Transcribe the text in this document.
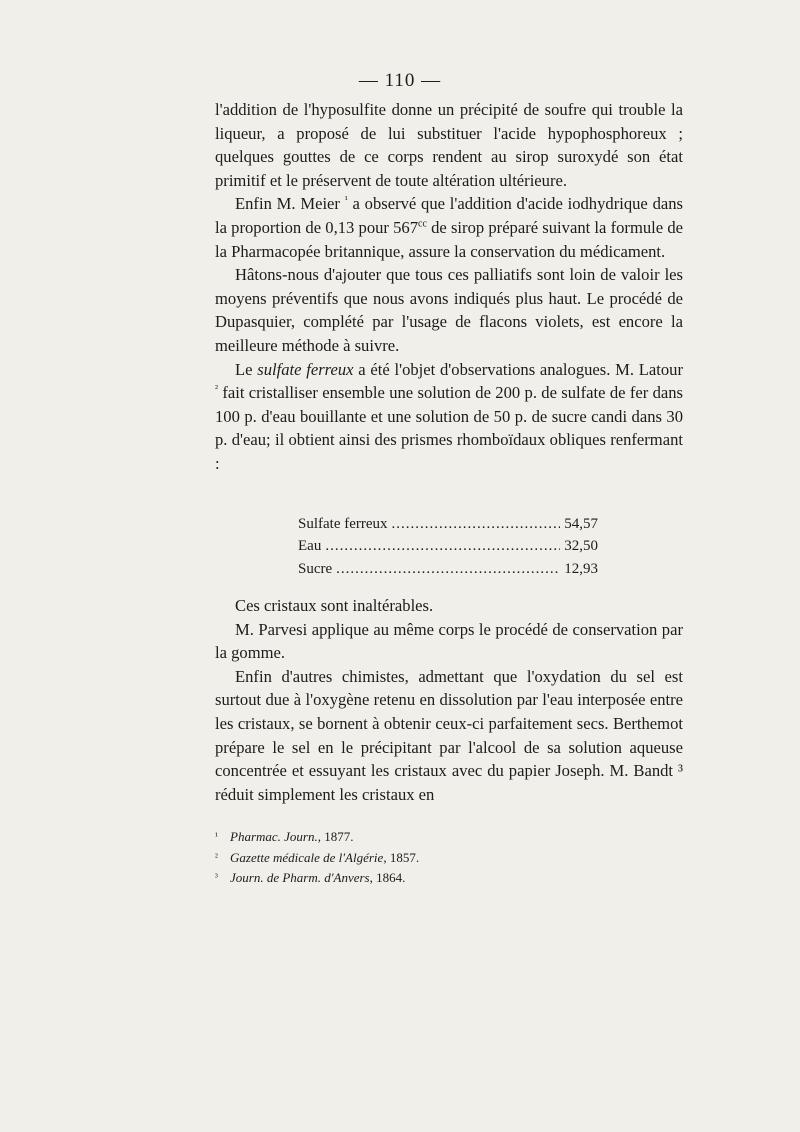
— 110 —

l'addition de l'hyposulfite donne un précipité de soufre qui trouble la liqueur, a proposé de lui substituer l'acide hypophosphoreux ; quelques gouttes de ce corps rendent au sirop suroxydé son état primitif et le préservent de toute altération ultérieure.

Enfin M. Meier $^{^1}$ a observé que l'addition d'acide iodhydrique dans la proportion de 0,13 pour $567^{cc}$ de sirop préparé suivant la formule de la Pharmacopée britannique, assure la conservation du médicament.

Hâtons-nous d'ajouter que tous ces palliatifs sont loin de valoir les moyens préventifs que nous avons indiqués plus haut. Le procédé de Dupasquier, complété par l'usage de flacons violets, est encore la meilleure méthode à suivre.

Le sulfate ferreux a été l'objet d'observations analogues. M. Latour $^{^2}$ fait cristalliser ensemble une solution de 200 p. de sulfate de fer dans 100 p. d'eau bouillante et une solution de 50 p. de sucre candi dans 30 p. d'eau; il obtient ainsi des prismes rhomboïdaux obliques renfermant :

Sulfate ferreux .....	54,57
Eau .....	32,50
Sucre .....	12,93

Ces cristaux sont inaltérables.

M. Parvesi applique au même corps le procédé de conservation par la gomme.

Enfin d'autres chimistes, admettant que l'oxydation du sel est surtout due à l'oxygène retenu en dissolution par l'eau interposée entre les cristaux, se bornent à obtenir ceux-ci parfaitement secs. Berthemot prépare le sel en le précipitant par l'alcool de sa solution aqueuse concentrée et essuyant les cristaux avec du papier Joseph. M. Bandt ³ réduit simplement les cristaux en

¹ Pharmac. Journ., 1877.
² Gazette médicale de l'Algérie, 1857.
³ Journ. de Pharm. d'Anvers, 1864.
